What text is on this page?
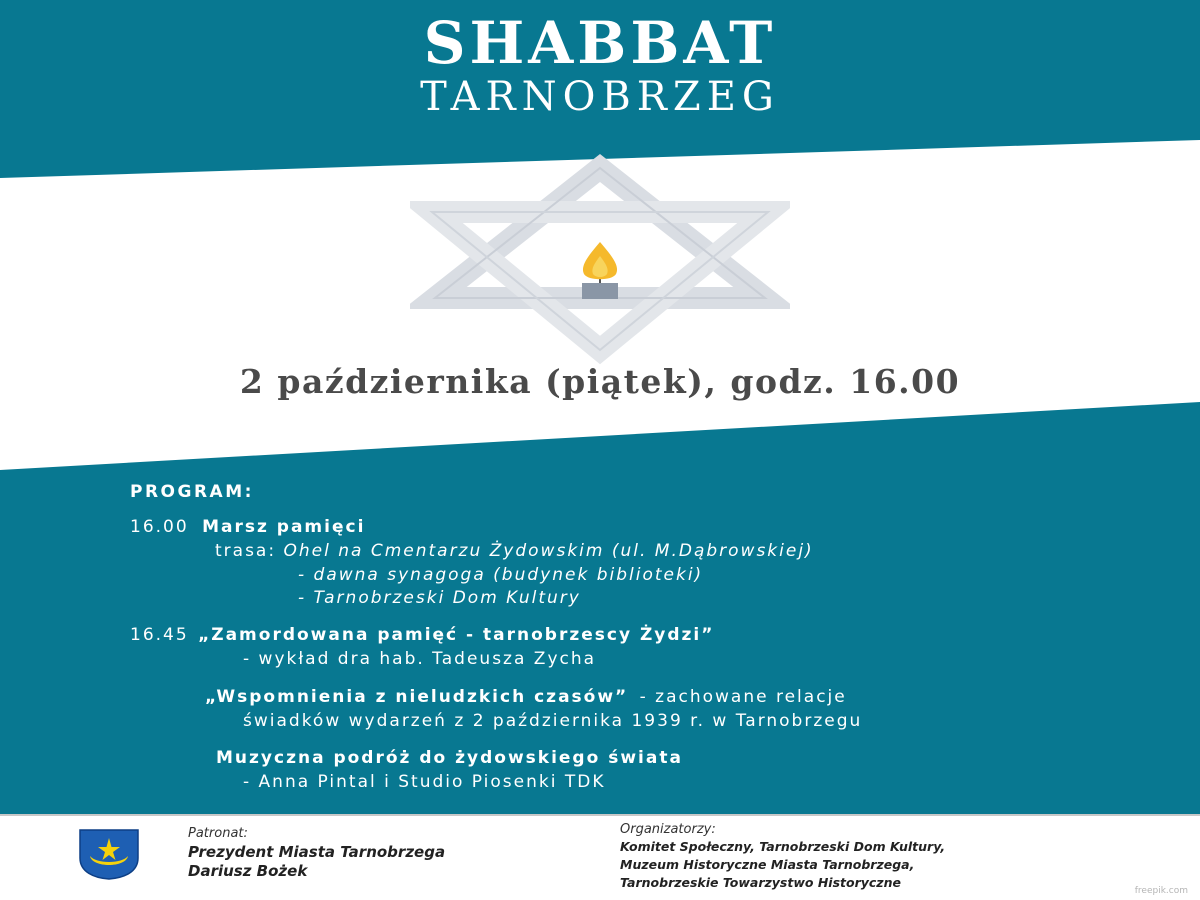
SHABBAT
TARNOBRZEG
2 października (piątek), godz. 16.00
PROGRAM:
16.00 Marsz pamięci
trasa: Ohel na Cmentarzu Żydowskim (ul. M.Dąbrowskiej)
- dawna synagoga (budynek biblioteki)
- Tarnobrzeski Dom Kultury
16.45 „Zamordowana pamięć - tarnobrzescy Żydzi”
- wykład dra hab. Tadeusza Zycha
„Wspomnienia z nieludzkich czasów” - zachowane relacje
świadków wydarzeń z 2 października 1939 r. w Tarnobrzegu
Muzyczna podróż do żydowskiego świata
- Anna Pintal i Studio Piosenki TDK
Patronat:
Prezydent Miasta Tarnobrzega
Dariusz Bożek
Organizatorzy:
Komitet Społeczny, Tarnobrzeski Dom Kultury,
Muzeum Historyczne Miasta Tarnobrzega,
Tarnobrzeskie Towarzystwo Historyczne
freepik.com
